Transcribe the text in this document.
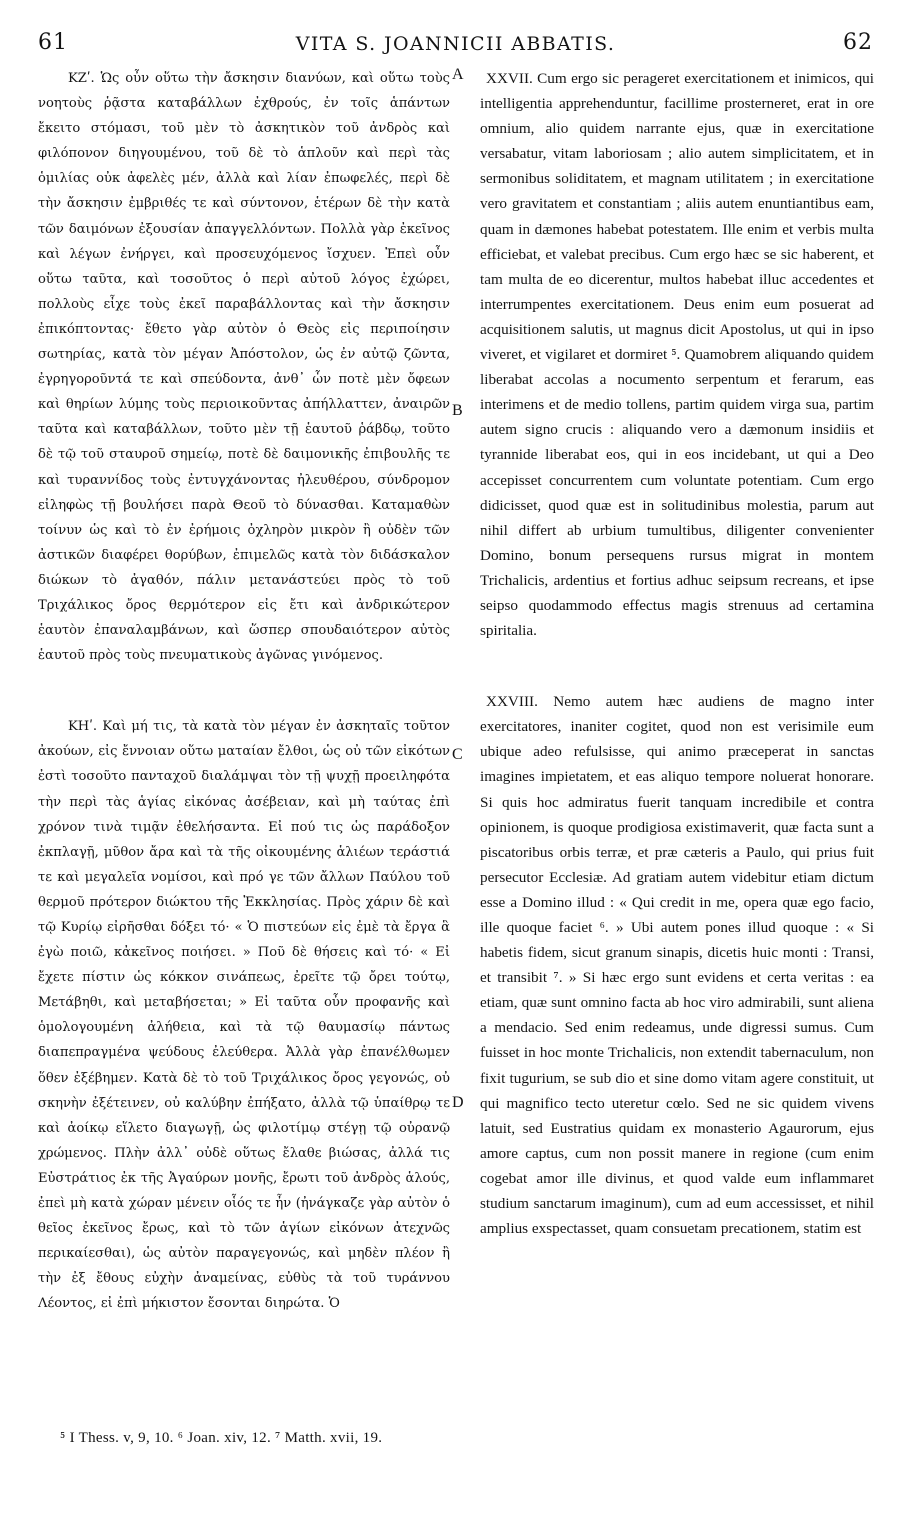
61	VITA S. JOANNICII ABBATIS.	62

ΚΖʹ. Ὡς οὖν οὕτω τὴν ἄσκησιν διανύων, καὶ οὕτω τοὺς νοητοὺς ῥᾷστα καταβάλλων ἐχθρούς, ἐν τοῖς ἁπάντων ἔκειτο στόμασι, τοῦ μὲν τὸ ἀσκητικὸν τοῦ ἀνδρὸς καὶ φιλόπονον διηγουμένου, τοῦ δὲ τὸ ἁπλοῦν καὶ περὶ τὰς ὁμιλίας οὐκ ἀφελὲς μέν, ἀλλὰ καὶ λίαν ἐπωφελές, περὶ δὲ τὴν ἄσκησιν ἐμβριθές τε καὶ σύντονον, ἑτέρων δὲ τὴν κατὰ τῶν δαιμόνων ἐξουσίαν ἀπαγγελλόντων. Πολλὰ γὰρ ἐκεῖνος καὶ λέγων ἐνήργει, καὶ προσευχόμενος ἴσχυεν. Ἐπεὶ οὖν οὕτω ταῦτα, καὶ τοσοῦτος ὁ περὶ αὐτοῦ λόγος ἐχώρει, πολλοὺς εἶχε τοὺς ἐκεῖ παραβάλλοντας καὶ τὴν ἄσκησιν ἐπικόπτοντας· ἔθετο γὰρ αὐτὸν ὁ Θεὸς εἰς περιποίησιν σωτηρίας, κατὰ τὸν μέγαν Ἀπόστολον, ὡς ἐν αὐτῷ ζῶντα, ἐγρηγοροῦντά τε καὶ σπεύδοντα, ἀνθ᾽ ὧν ποτὲ μὲν ὄφεων καὶ θηρίων λύμης τοὺς περιοικοῦντας ἀπήλλαττεν, ἀναιρῶν ταῦτα καὶ καταβάλλων, τοῦτο μὲν τῇ ἑαυτοῦ ῥάβδῳ, τοῦτο δὲ τῷ τοῦ σταυροῦ σημείῳ, ποτὲ δὲ δαιμονικῆς ἐπιβουλῆς τε καὶ τυραννίδος τοὺς ἐντυγχάνοντας ἠλευθέρου, σύνδρομον εἰληφὼς τῇ βουλήσει παρὰ Θεοῦ τὸ δύνασθαι. Καταμαθὼν τοίνυν ὡς καὶ τὸ ἐν ἐρήμοις ὀχληρὸν μικρὸν ἢ οὐδὲν τῶν ἀστικῶν διαφέρει θορύβων, ἐπιμελῶς κατὰ τὸν διδάσκαλον διώκων τὸ ἀγαθόν, πάλιν μετανάστεύει πρὸς τὸ τοῦ Τριχάλικος ὄρος θερμότερον εἰς ἔτι καὶ ἀνδρικώτερον ἑαυτὸν ἐπαναλαμβάνων, καὶ ὥσπερ σπουδαιότερον αὐτὸς ἑαυτοῦ πρὸς τοὺς πνευματικοὺς ἀγῶνας γινόμενος.

ΚΗʹ. Καὶ μή τις, τὰ κατὰ τὸν μέγαν ἐν ἀσκηταῖς τοῦτον ἀκούων, εἰς ἔννοιαν οὕτω ματαίαν ἔλθοι, ὡς οὐ τῶν εἰκότων ἐστὶ τοσοῦτο πανταχοῦ διαλάμψαι τὸν τῇ ψυχῇ προειληφότα τὴν περὶ τὰς ἁγίας εἰκόνας ἀσέβειαν, καὶ μὴ ταύτας ἐπὶ χρόνον τινὰ τιμᾷν ἐθελήσαντα. Εἰ πού τις ὡς παράδοξον ἐκπλαγῇ, μῦθον ἄρα καὶ τὰ τῆς οἰκουμένης ἁλιέων τεράστιά τε καὶ μεγαλεῖα νομίσοι, καὶ πρό γε τῶν ἄλλων Παύλου τοῦ θερμοῦ πρότερον διώκτου τῆς Ἐκκλησίας. Πρὸς χάριν δὲ καὶ τῷ Κυρίῳ εἰρῆσθαι δόξει τό· « Ὁ πιστεύων εἰς ἐμὲ τὰ ἔργα ἃ ἐγὼ ποιῶ, κἀκεῖνος ποιήσει. » Ποῦ δὲ θήσεις καὶ τό· « Εἰ ἔχετε πίστιν ὡς κόκκον σινάπεως, ἐρεῖτε τῷ ὄρει τούτῳ, Μετάβηθι, καὶ μεταβήσεται; » Εἰ ταῦτα οὖν προφανῆς καὶ ὁμολογουμένη ἀλήθεια, καὶ τὰ τῷ θαυμασίῳ πάντως διαπεπραγμένα ψεύδους ἐλεύθερα. Ἀλλὰ γὰρ ἐπανέλθωμεν ὅθεν ἐξέβημεν. Κατὰ δὲ τὸ τοῦ Τριχάλικος ὄρος γεγονώς, οὐ σκηνὴν ἐξέτεινεν, οὐ καλύβην ἐπήξατο, ἀλλὰ τῷ ὑπαίθρῳ τε καὶ ἀοίκῳ εἵλετο διαγωγῇ, ὡς φιλοτίμῳ στέγῃ τῷ οὐρανῷ χρώμενος. Πλὴν ἀλλ᾽ οὐδὲ οὕτως ἔλαθε βιώσας, ἀλλά τις Εὐστράτιος ἐκ τῆς Ἀγαύρων μονῆς, ἔρωτι τοῦ ἀνδρὸς ἁλούς, ἐπεὶ μὴ κατὰ χώραν μένειν οἷός τε ἦν (ἠνάγκαζε γὰρ αὐτὸν ὁ θεῖος ἐκεῖνος ἔρως, καὶ τὸ τῶν ἁγίων εἰκόνων ἀτεχνῶς περικαίεσθαι), ὡς αὐτὸν παραγεγονώς, καὶ μηδὲν πλέον ἢ τὴν ἐξ ἔθους εὐχὴν ἀναμείνας, εὐθὺς τὰ τοῦ τυράννου Λέοντος, εἰ ἐπὶ μήκιστον ἔσονται διηρώτα. Ὁ

XXVII. Cum ergo sic perageret exercitationem et inimicos, qui intelligentia apprehenduntur, facillime prosterneret, erat in ore omnium, alio quidem narrante ejus, quæ in exercitatione versabatur, vitam laboriosam ; alio autem simplicitatem, et in sermonibus soliditatem, et magnam utilitatem ; in exercitatione vero gravitatem et constantiam ; aliis autem enuntiantibus eam, quam in dæmones habebat potestatem. Ille enim et verbis multa efficiebat, et valebat precibus. Cum ergo hæc se sic haberent, et tam multa de eo dicerentur, multos habebat illuc accedentes et interrumpentes exercitationem. Deus enim eum posuerat ad acquisitionem salutis, ut magnus dicit Apostolus, ut qui in ipso viveret, et vigilaret et dormiret ⁵. Quamobrem aliquando quidem liberabat accolas a nocumento serpentum et ferarum, eas interimens et de medio tollens, partim quidem virga sua, partim autem signo crucis : aliquando vero a dæmonum insidiis et tyrannide liberabat eos, qui in eos incidebant, ut qui a Deo accepisset concurrentem cum voluntate potentiam. Cum ergo didicisset, quod quæ est in solitudinibus molestia, parum aut nihil differt ab urbium tumultibus, diligenter convenienter Domino, bonum persequens rursus migrat in montem Trichalicis, ardentius et fortius adhuc seipsum recreans, et ipse seipso quodammodo effectus magis strenuus ad certamina spiritalia.

XXVIII. Nemo autem hæc audiens de magno inter exercitatores, inaniter cogitet, quod non est verisimile eum ubique adeo refulsisse, qui animo præceperat in sanctas imagines impietatem, et eas aliquo tempore noluerat honorare. Si quis hoc admiratus fuerit tanquam incredibile et contra opinionem, is quoque prodigiosa existimaverit, quæ facta sunt a piscatoribus orbis terræ, et præ cæteris a Paulo, qui prius fuit persecutor Ecclesiæ. Ad gratiam autem videbitur etiam dictum esse a Domino illud : « Qui credit in me, opera quæ ego facio, ille quoque faciet ⁶. » Ubi autem pones illud quoque : « Si habetis fidem, sicut granum sinapis, dicetis huic monti : Transi, et transibit ⁷. » Si hæc ergo sunt evidens et certa veritas : ea etiam, quæ sunt omnino facta ab hoc viro admirabili, sunt aliena a mendacio. Sed enim redeamus, unde digressi sumus. Cum fuisset in hoc monte Trichalicis, non extendit tabernaculum, non fixit tugurium, se sub dio et sine domo vitam agere constituit, ut qui magnifico tecto uteretur cœlo. Sed ne sic quidem vivens latuit, sed Eustratius quidam ex monasterio Agaurorum, ejus amore captus, cum non possit manere in regione (cum enim cogebat amor ille divinus, et quod valde eum inflammaret studium sanctarum imaginum), cum ad eum accessisset, et nihil amplius exspectasset, quam consuetam precationem, statim est

A
B
C
D
⁵ I Thess. v, 9, 10. ⁶ Joan. xiv, 12. ⁷ Matth. xvii, 19.
